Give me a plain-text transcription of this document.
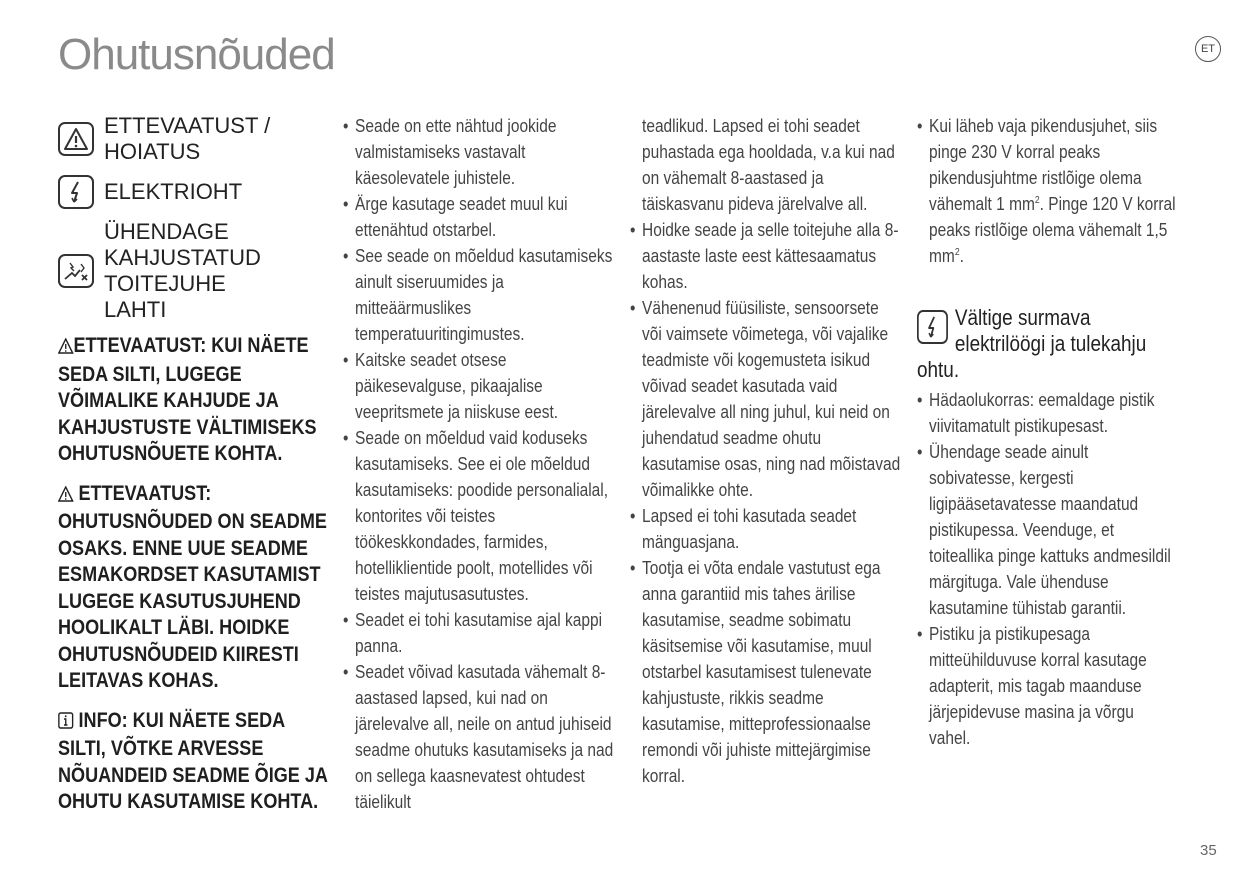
Ohutusnõuded	ET
ETTEVAATUST / HOIATUS
ELEKTRIOHT
ÜHENDAGE KAHJUSTATUD TOITEJUHE LAHTI
ETTEVAATUST: KUI NÄETE SEDA SILTI, LUGEGE VÕIMALIKE KAHJUDE JA KAHJUSTUSTE VÄLTIMISEKS OHUTUSNÕUETE KOHTA.
ETTEVAATUST: OHUTUSNÕUDED ON SEADME OSAKS. ENNE UUE SEADME ESMAKORDSET KASUTAMIST LUGEGE KASUTUSJUHEND HOOLIKALT LÄBI. HOIDKE OHUTUSNÕUDEID KIIRESTI LEITAVAS KOHAS.
INFO: KUI NÄETE SEDA SILTI, VÕTKE ARVESSE NÕUANDEID SEADME ÕIGE JA OHUTU KASUTAMISE KOHTA.
• Seade on ette nähtud jookide valmistamiseks vastavalt käesolevatele juhistele.
• Ärge kasutage seadet muul kui ettenähtud otstarbel.
• See seade on mõeldud kasutamiseks ainult siseruumides ja mitteäärmuslikes temperatuuritingimustes.
• Kaitske seadet otsese päikesevalguse, pikaajalise veepritsmete ja niiskuse eest.
• Seade on mõeldud vaid koduseks kasutamiseks. See ei ole mõeldud kasutamiseks: poodide personalialal, kontorites või teistes töökeskkondades, farmides, hotelliklientide poolt, motellides või teistes majutusasutustes.
• Seadet ei tohi kasutamise ajal kappi panna.
• Seadet võivad kasutada vähemalt 8-aastased lapsed, kui nad on järelevalve all, neile on antud juhiseid seadme ohutuks kasutamiseks ja nad on sellega kaasnevatest ohtudest täielikult
teadlikud. Lapsed ei tohi seadet puhastada ega hooldada, v.a kui nad on vähemalt 8-aastased ja täiskasvanu pideva järelvalve all.
• Hoidke seade ja selle toitejuhe alla 8-aastaste laste eest kättesaamatus kohas.
• Vähenenud füüsiliste, sensoorsete või vaimsete võimetega, või vajalike teadmiste või kogemusteta isikud võivad seadet kasutada vaid järelevalve all ning juhul, kui neid on juhendatud seadme ohutu kasutamise osas, ning nad mõistavad võimalikke ohte.
• Lapsed ei tohi kasutada seadet mänguasjana.
• Tootja ei võta endale vastutust ega anna garantiid mis tahes ärilise kasutamise, seadme sobimatu käsitsemise või kasutamise, muul otstarbel kasutamisest tulenevate kahjustuste, rikkis seadme kasutamise, mitteprofessionaalse remondi või juhiste mittejärgimise korral.
• Kui läheb vaja pikendusjuhet, siis pinge 230 V korral peaks pikendusjuhtme ristlõige olema vähemalt 1 $mm^2$. Pinge 120 V korral peaks ristlõige olema vähemalt 1,5 $mm^2$.
Vältige surmava elektrilöögi ja tulekahju
ohtu.
• Hädaolukorras: eemaldage pistik viivitamatult pistikupesast.
• Ühendage seade ainult sobivatesse, kergesti ligipääsetavatesse maandatud pistikupessa. Veenduge, et toiteallika pinge kattuks andmesildil märgituga. Vale ühenduse kasutamine tühistab garantii.
• Pistiku ja pistikupesaga mitteühilduvuse korral kasutage adapterit, mis tagab maanduse järjepidevuse masina ja võrgu vahel.
35
